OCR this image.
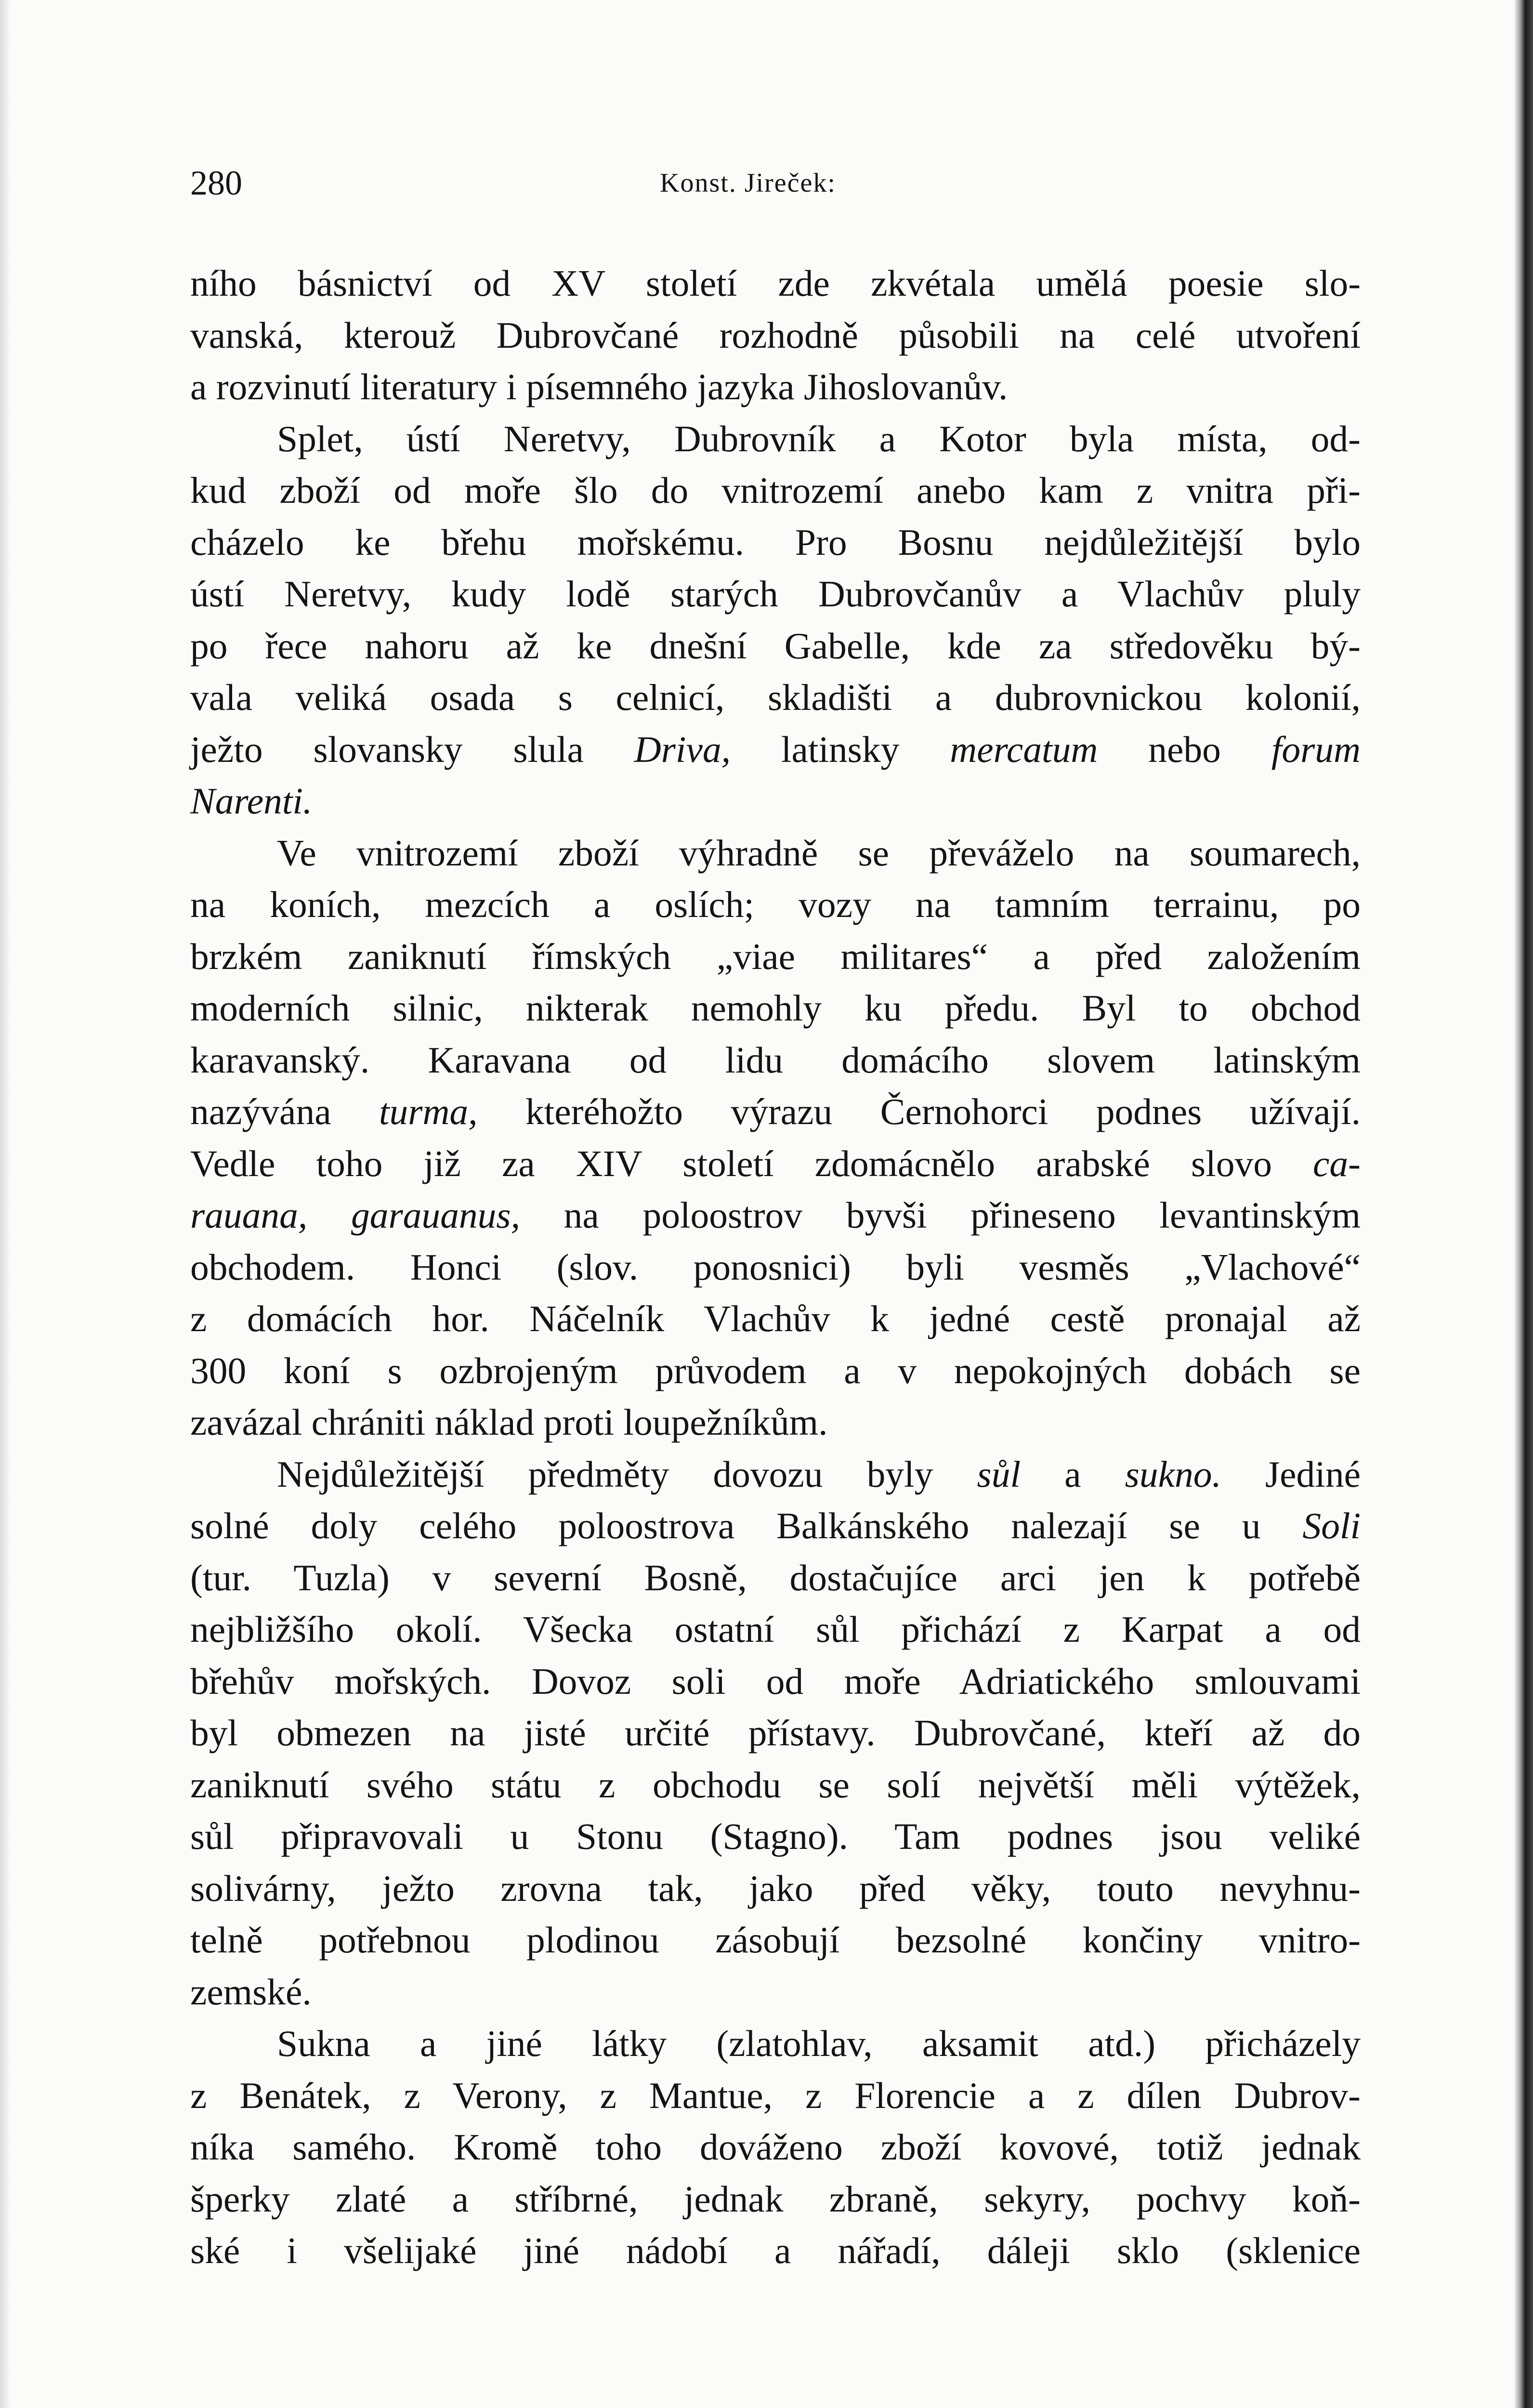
280	Konst. Jireček:
ního básnictví od XV století zde zkvétala umělá poesie slo-
vanská, kterouž Dubrovčané rozhodně působili na celé utvoření
a rozvinutí literatury i písemného jazyka Jihoslovanův.
Splet, ústí Neretvy, Dubrovník a Kotor byla místa, od-
kud zboží od moře šlo do vnitrozemí anebo kam z vnitra při-
cházelo ke břehu mořskému. Pro Bosnu nejdůležitější bylo
ústí Neretvy, kudy lodě starých Dubrovčanův a Vlachův pluly
po řece nahoru až ke dnešní Gabelle, kde za středověku bý-
vala veliká osada s celnicí, skladišti a dubrovnickou kolonií,
ježto slovansky slula Driva, latinsky mercatum nebo forum
Narenti.
Ve vnitrozemí zboží výhradně se převáželo na soumarech,
na koních, mezcích a oslích; vozy na tamním terrainu, po
brzkém zaniknutí římských „viae militares“ a před založením
moderních silnic, nikterak nemohly ku předu. Byl to obchod
karavanský. Karavana od lidu domácího slovem latinským
nazývána turma, kteréhožto výrazu Černohorci podnes užívají.
Vedle toho již za XIV století zdomácnělo arabské slovo ca-
rauana, garauanus, na poloostrov byvši přineseno levantinským
obchodem. Honci (slov. ponosnici) byli vesměs „Vlachové“
z domácích hor. Náčelník Vlachův k jedné cestě pronajal až
300 koní s ozbrojeným průvodem a v nepokojných dobách se
zavázal chrániti náklad proti loupežníkům.
Nejdůležitější předměty dovozu byly sůl a sukno. Jediné
solné doly celého poloostrova Balkánského nalezají se u Soli
(tur. Tuzla) v severní Bosně, dostačujíce arci jen k potřebě
nejbližšího okolí. Všecka ostatní sůl přichází z Karpat a od
břehův mořských. Dovoz soli od moře Adriatického smlouvami
byl obmezen na jisté určité přístavy. Dubrovčané, kteří až do
zaniknutí svého státu z obchodu se solí největší měli výtěžek,
sůl připravovali u Stonu (Stagno). Tam podnes jsou veliké
solivárny, ježto zrovna tak, jako před věky, touto nevyhnu-
telně potřebnou plodinou zásobují bezsolné končiny vnitro-
zemské.
Sukna a jiné látky (zlatohlav, aksamit atd.) přicházely
z Benátek, z Verony, z Mantue, z Florencie a z dílen Dubrov-
níka samého. Kromě toho dováženo zboží kovové, totiž jednak
šperky zlaté a stříbrné, jednak zbraně, sekyry, pochvy koň-
ské i všelijaké jiné nádobí a nářadí, dáleji sklo (sklenice
